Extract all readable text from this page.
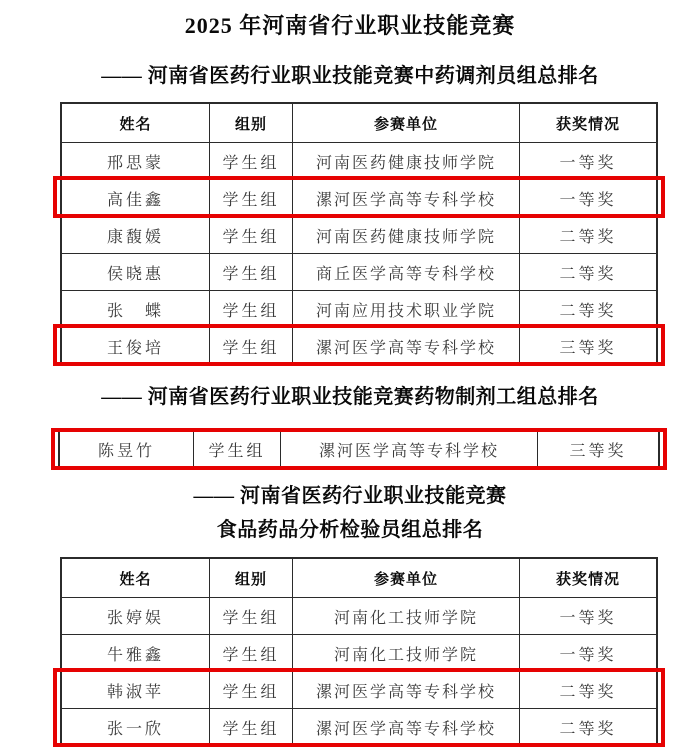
2025 年河南省行业职业技能竞赛
—— 河南省医药行业职业技能竞赛中药调剂员组总排名
姓名	组别	参赛单位	获奖情况
邢思蒙	学生组	河南医药健康技师学院	一等奖
高佳鑫	学生组	漯河医学高等专科学校	一等奖
康馥媛	学生组	河南医药健康技师学院	二等奖
侯晓惠	学生组	商丘医学高等专科学校	二等奖
张　蝶	学生组	河南应用技术职业学院	二等奖
王俊培	学生组	漯河医学高等专科学校	三等奖
—— 河南省医药行业职业技能竞赛药物制剂工组总排名
陈昱竹	学生组	漯河医学高等专科学校	三等奖
—— 河南省医药行业职业技能竞赛
食品药品分析检验员组总排名
姓名	组别	参赛单位	获奖情况
张婷娱	学生组	河南化工技师学院	一等奖
牛雅鑫	学生组	河南化工技师学院	一等奖
韩淑苹	学生组	漯河医学高等专科学校	二等奖
张一欣	学生组	漯河医学高等专科学校	二等奖
